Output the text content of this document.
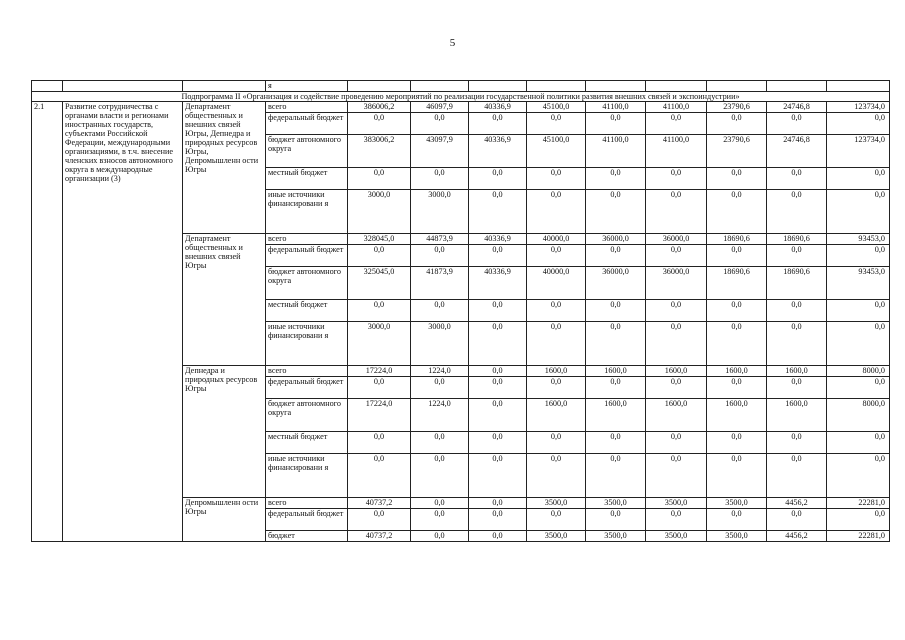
5
			я									
Подпрограмма II «Организация и содействие проведению мероприятий по реализации государственной политики развития внешних связей и экспоиндустрии»												
2.1	Развитие сотрудничества с органами власти и регионами иностранных государств, субъектами Российской Федерации, международными организациями, в т.ч. внесение членских взносов автономного округа в международные организации (3)	Департамент общественных и внешних связей Югры, Депнедра и природных ресурсов Югры, Депромышленн ости Югры	всего	386006,2	46097,9	40336,9	45100,0	41100,0	41100,0	23790,6	24746,8	123734,0
			федеральный бюджет	0,0	0,0	0,0	0,0	0,0	0,0	0,0	0,0	0,0
			бюджет автономного округа	383006,2	43097,9	40336,9	45100,0	41100,0	41100,0	23790,6	24746,8	123734,0
			местный бюджет	0,0	0,0	0,0	0,0	0,0	0,0	0,0	0,0	0,0
			иные источники финансировани я	3000,0	3000,0	0,0	0,0	0,0	0,0	0,0	0,0	0,0
		Департамент общественных и внешних связей Югры	всего	328045,0	44873,9	40336,9	40000,0	36000,0	36000,0	18690,6	18690,6	93453,0
			федеральный бюджет	0,0	0,0	0,0	0,0	0,0	0,0	0,0	0,0	0,0
			бюджет автономного округа	325045,0	41873,9	40336,9	40000,0	36000,0	36000,0	18690,6	18690,6	93453,0
			местный бюджет	0,0	0,0	0,0	0,0	0,0	0,0	0,0	0,0	0,0
			иные источники финансировани я	3000,0	3000,0	0,0	0,0	0,0	0,0	0,0	0,0	0,0
		Депнедра и природных ресурсов Югры	всего	17224,0	1224,0	0,0	1600,0	1600,0	1600,0	1600,0	1600,0	8000,0
			федеральный бюджет	0,0	0,0	0,0	0,0	0,0	0,0	0,0	0,0	0,0
			бюджет автономного округа	17224,0	1224,0	0,0	1600,0	1600,0	1600,0	1600,0	1600,0	8000,0
			местный бюджет	0,0	0,0	0,0	0,0	0,0	0,0	0,0	0,0	0,0
			иные источники финансировани я	0,0	0,0	0,0	0,0	0,0	0,0	0,0	0,0	0,0
		Депромышленн ости Югры	всего	40737,2	0,0	0,0	3500,0	3500,0	3500,0	3500,0	4456,2	22281,0
			федеральный бюджет	0,0	0,0	0,0	0,0	0,0	0,0	0,0	0,0	0,0
			бюджет	40737,2	0,0	0,0	3500,0	3500,0	3500,0	3500,0	4456,2	22281,0
